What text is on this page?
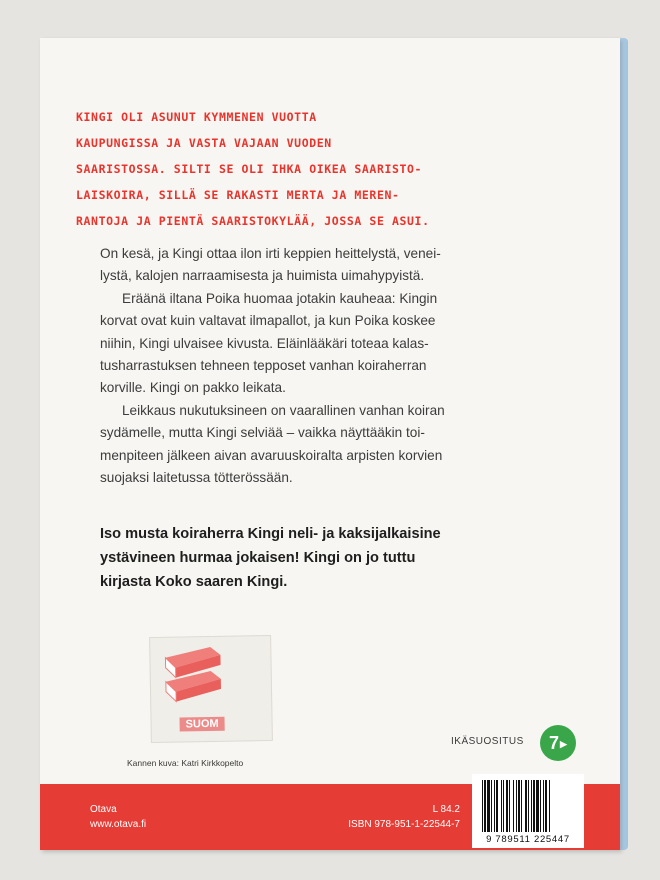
KINGI OLI ASUNUT KYMMENEN VUOTTA
KAUPUNGISSA JA VASTA VAJAAN VUODEN
SAARISTOSSA. SILTI SE OLI IHKA OIKEA SAARISTO-
LAISKOIRA, SILLÄ SE RAKASTI MERTA JA MEREN-
RANTOJA JA PIENTÄ SAARISTOKYLÄÄ, JOSSA SE ASUI.
On kesä, ja Kingi ottaa ilon irti keppien heittelystä, venei-
lystä, kalojen narraamisesta ja huimista uimahypyistä.
Eräänä iltana Poika huomaa jotakin kauheaa: Kingin
korvat ovat kuin valtavat ilmapallot, ja kun Poika koskee
niihin, Kingi ulvaisee kivusta. Eläinlääkäri toteaa kalas-
tusharrastuksen tehneen tepposet vanhan koiraherran
korville. Kingi on pakko leikata.
Leikkaus nukutuksineen on vaarallinen vanhan koiran
sydämelle, mutta Kingi selviää – vaikka näyttääkin toi-
menpiteen jälkeen aivan avaruuskoiralta arpisten korvien
suojaksi laitetussa tötterössään.
Iso musta koiraherra Kingi neli- ja kaksijalkaisine
ystävineen hurmaa jokaisen! Kingi on jo tuttu
kirjasta Koko saaren Kingi.
SUOM
Kannen kuva: Katri Kirkkopelto
IKÄSUOSITUS	7▶
Otava
www.otava.fi
L 84.2
ISBN 978-951-1-22544-7
9 789511 225447
